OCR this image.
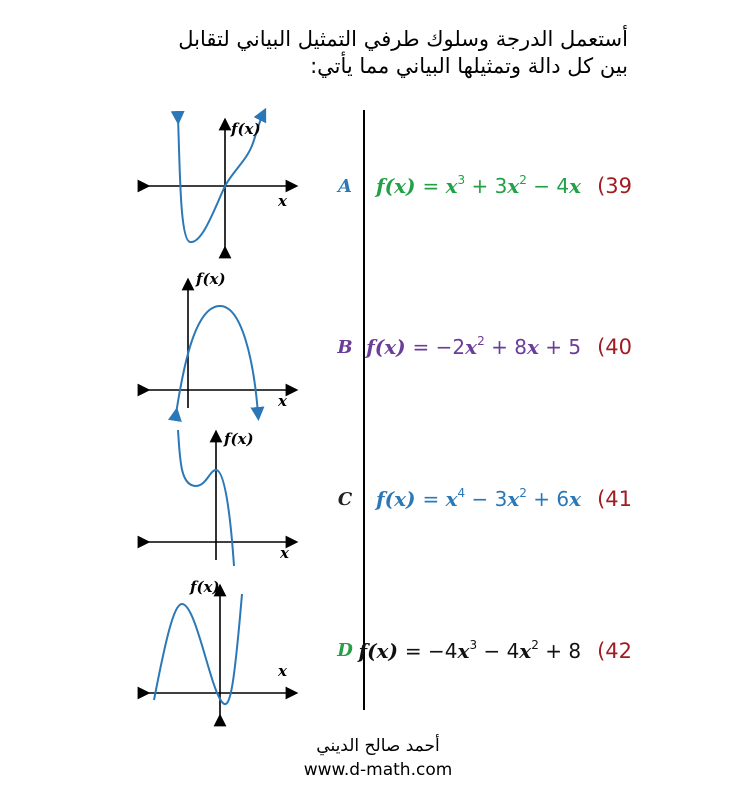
أستعمل الدرجة وسلوك طرفي التمثيل البياني لتقابل
بين كل دالة وتمثيلها البياني مما يأتي:
f(x)
x
A
f(x)
x
B
f(x)
x
C
f(x)
x
D
$f(x) = x^3 + 3x^2 - 4x$ (39
$f(x) = -2x^2 + 8x + 5$ (40
$f(x) = x^4 - 3x^2 + 6x$ (41
$f(x) = -4x^3 - 4x^2 + 8$ (42
أحمد صالح الديني
www.d-math.com
